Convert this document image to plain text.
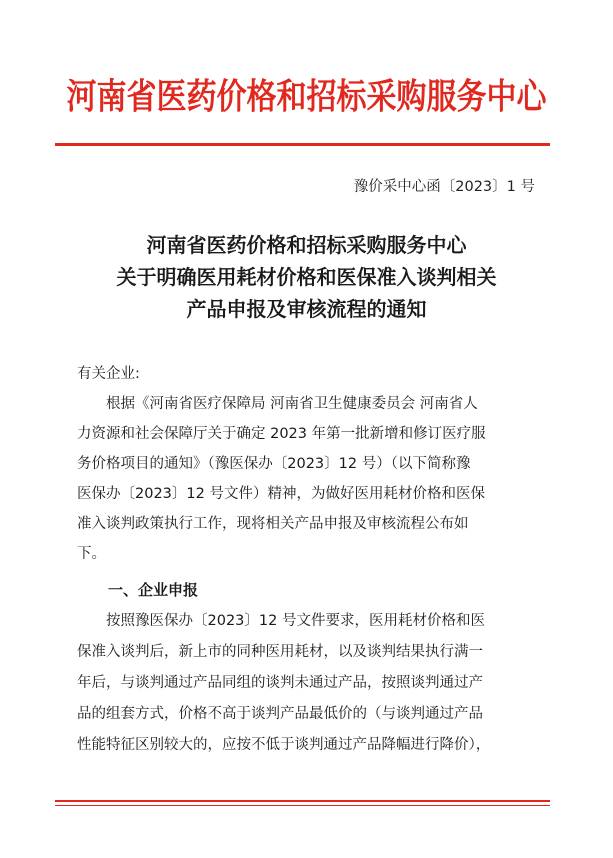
河南省医药价格和招标采购服务中心
豫价采中心函〔2023〕1 号
河南省医药价格和招标采购服务中心
关于明确医用耗材价格和医保准入谈判相关
产品申报及审核流程的通知
有关企业:
　　根据《河南省医疗保障局 河南省卫生健康委员会 河南省人
力资源和社会保障厅关于确定 2023 年第一批新增和修订医疗服
务价格项目的通知》（豫医保办〔2023〕12 号）（以下简称豫
医保办〔2023〕12 号文件）精神，为做好医用耗材价格和医保
准入谈判政策执行工作，现将相关产品申报及审核流程公布如
下。
一、企业申报
　　按照豫医保办〔2023〕12 号文件要求，医用耗材价格和医
保准入谈判后，新上市的同种医用耗材，以及谈判结果执行满一
年后，与谈判通过产品同组的谈判未通过产品，按照谈判通过产
品的组套方式，价格不高于谈判产品最低价的（与谈判通过产品
性能特征区别较大的，应按不低于谈判通过产品降幅进行降价），
